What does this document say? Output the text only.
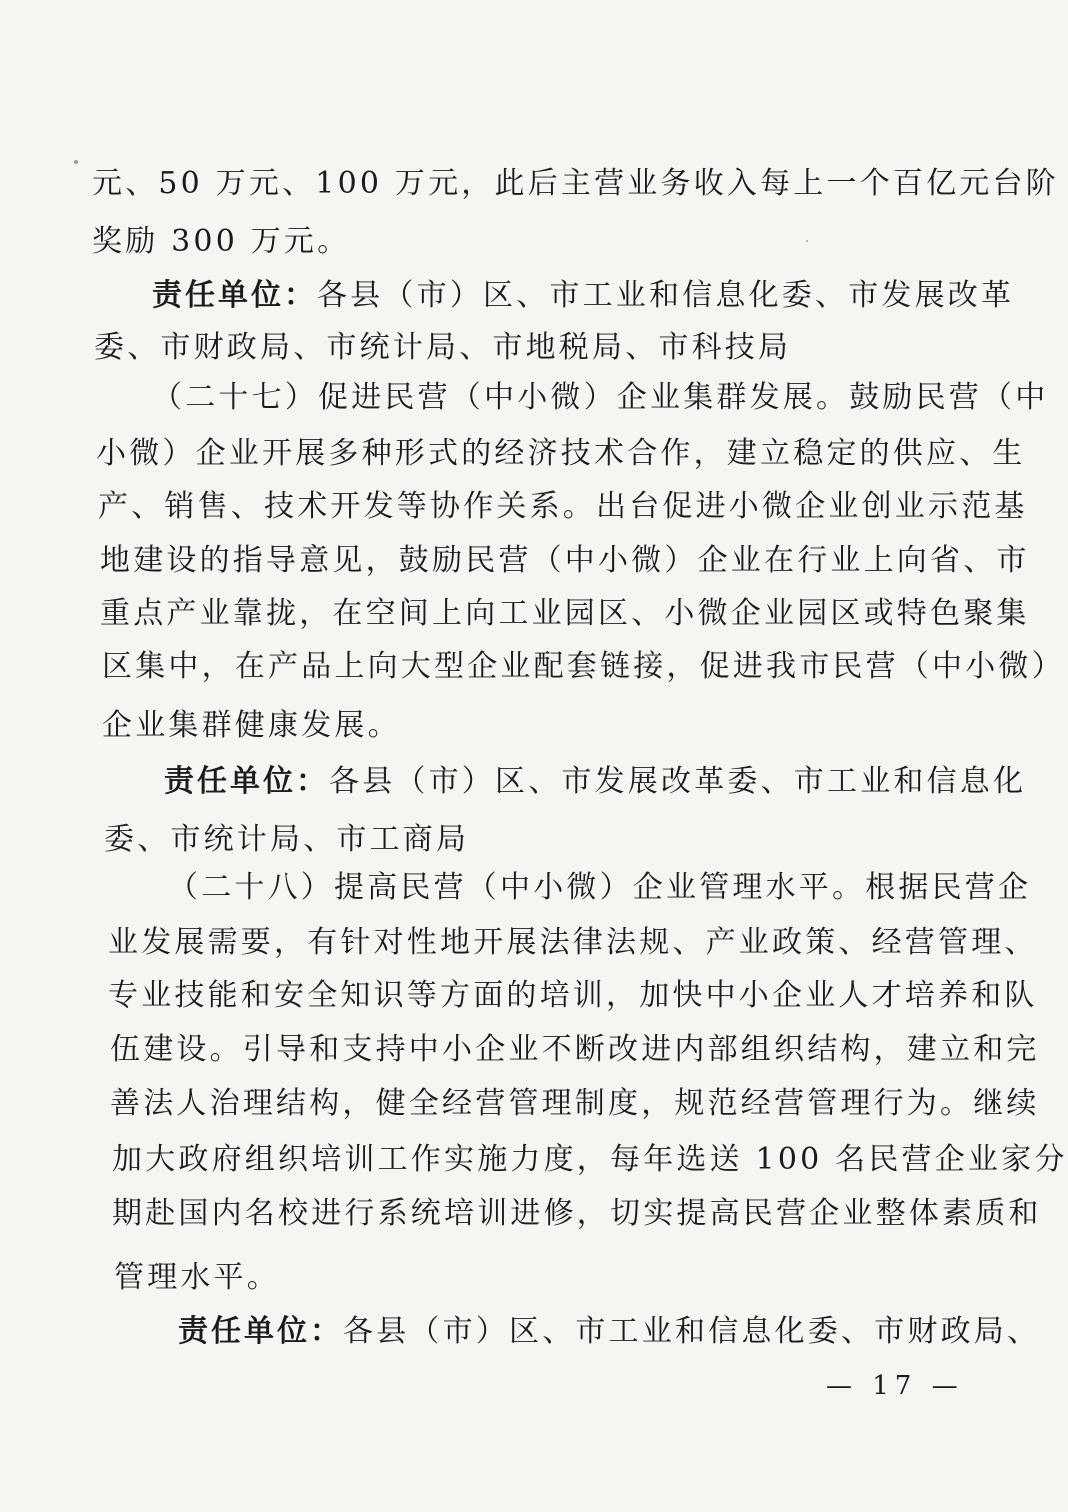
元、50 万元、100 万元，此后主营业务收入每上一个百亿元台阶
奖励 300 万元。
责任单位：各县（市）区、市工业和信息化委、市发展改革
委、市财政局、市统计局、市地税局、市科技局
（二十七）促进民营（中小微）企业集群发展。鼓励民营（中
小微）企业开展多种形式的经济技术合作，建立稳定的供应、生
产、销售、技术开发等协作关系。出台促进小微企业创业示范基
地建设的指导意见，鼓励民营（中小微）企业在行业上向省、市
重点产业靠拢，在空间上向工业园区、小微企业园区或特色聚集
区集中，在产品上向大型企业配套链接，促进我市民营（中小微）
企业集群健康发展。
责任单位：各县（市）区、市发展改革委、市工业和信息化
委、市统计局、市工商局
（二十八）提高民营（中小微）企业管理水平。根据民营企
业发展需要，有针对性地开展法律法规、产业政策、经营管理、
专业技能和安全知识等方面的培训，加快中小企业人才培养和队
伍建设。引导和支持中小企业不断改进内部组织结构，建立和完
善法人治理结构，健全经营管理制度，规范经营管理行为。继续
加大政府组织培训工作实施力度，每年选送 100 名民营企业家分
期赴国内名校进行系统培训进修，切实提高民营企业整体素质和
管理水平。
责任单位：各县（市）区、市工业和信息化委、市财政局、
— 17 —
